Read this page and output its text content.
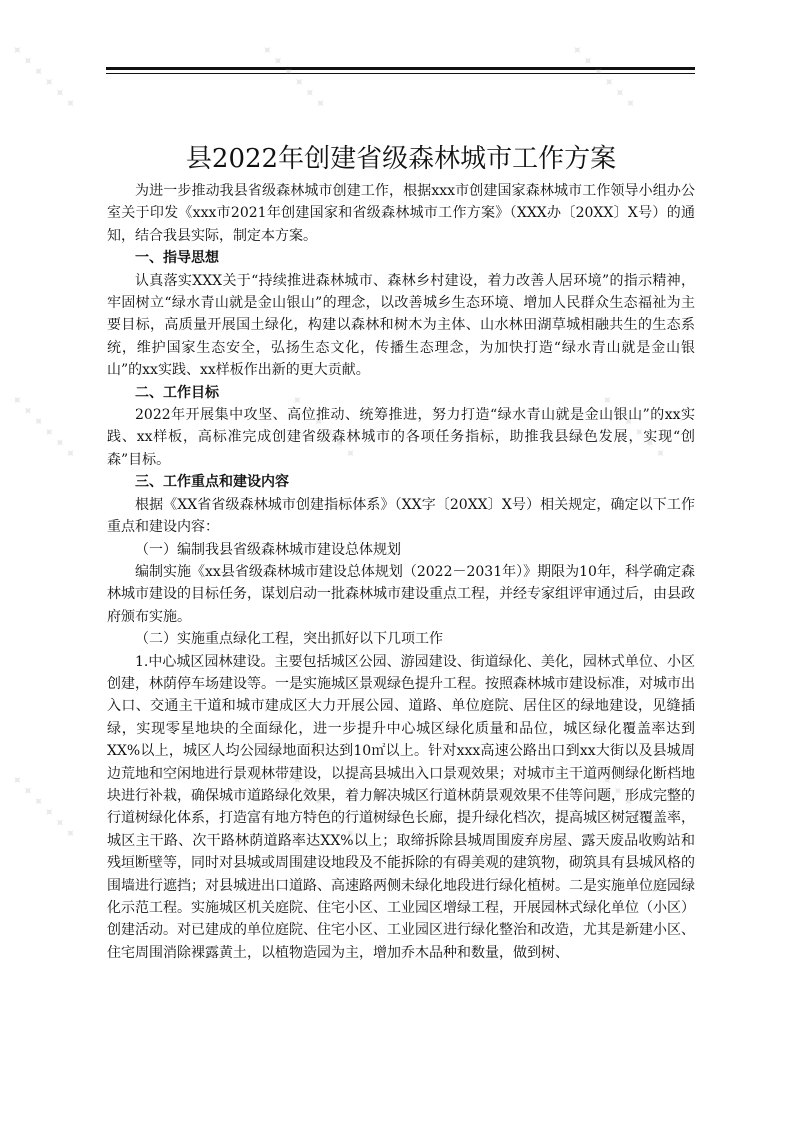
县2022年创建省级森林城市工作方案

为进一步推动我县省级森林城市创建工作，根据xxx市创建国家森林城市工作领导小组办公室关于印发《xxx市2021年创建国家和省级森林城市工作方案》（XXX办〔20XX〕X号）的通知，结合我县实际，制定本方案。

一、指导思想

认真落实XXX关于“持续推进森林城市、森林乡村建设，着力改善人居环境”的指示精神，牢固树立“绿水青山就是金山银山”的理念，以改善城乡生态环境、增加人民群众生态福祉为主要目标，高质量开展国土绿化，构建以森林和树木为主体、山水林田湖草城相融共生的生态系统，维护国家生态安全，弘扬生态文化，传播生态理念，为加快打造“绿水青山就是金山银山”的xx实践、xx样板作出新的更大贡献。

二、工作目标

2022年开展集中攻坚、高位推动、统筹推进，努力打造“绿水青山就是金山银山”的xx实践、xx样板，高标准完成创建省级森林城市的各项任务指标，助推我县绿色发展，实现“创森”目标。

三、工作重点和建设内容

根据《XX省省级森林城市创建指标体系》（XX字〔20XX〕X号）相关规定，确定以下工作重点和建设内容：

（一）编制我县省级森林城市建设总体规划

编制实施《xx县省级森林城市建设总体规划（2022－2031年）》期限为10年，科学确定森林城市建设的目标任务，谋划启动一批森林城市建设重点工程，并经专家组评审通过后，由县政府颁布实施。

（二）实施重点绿化工程，突出抓好以下几项工作

1.中心城区园林建设。主要包括城区公园、游园建设、街道绿化、美化，园林式单位、小区创建，林荫停车场建设等。一是实施城区景观绿色提升工程。按照森林城市建设标准，对城市出入口、交通主干道和城市建成区大力开展公园、道路、单位庭院、居住区的绿地建设，见缝插绿，实现零星地块的全面绿化，进一步提升中心城区绿化质量和品位，城区绿化覆盖率达到XX%以上，城区人均公园绿地面积达到10㎡以上。针对xxx高速公路出口到xx大街以及县城周边荒地和空闲地进行景观林带建设，以提高县城出入口景观效果；对城市主干道两侧绿化断档地块进行补栽，确保城市道路绿化效果，着力解决城区行道林荫景观效果不佳等问题，形成完整的行道树绿化体系，打造富有地方特色的行道树绿色长廊，提升绿化档次，提高城区树冠覆盖率，城区主干路、次干路林荫道路率达XX%以上；取缔拆除县城周围废弃房屋、露天废品收购站和残垣断壁等，同时对县城或周围建设地段及不能拆除的有碍美观的建筑物，砌筑具有县城风格的围墙进行遮挡；对县城进出口道路、高速路两侧未绿化地段进行绿化植树。二是实施单位庭园绿化示范工程。实施城区机关庭院、住宅小区、工业园区增绿工程，开展园林式绿化单位（小区）创建活动。对已建成的单位庭院、住宅小区、工业园区进行绿化整治和改造，尤其是新建小区、住宅周围消除裸露黄土，以植物造园为主，增加乔木品种和数量，做到树、

✦ ✦ ✦ ✦ ✦ ✦	✦ ✦ ✦ ✦ ✦ ✦	✦ ✦ ✦ ✦ ✦ ✦
✦ ✦ ✦ ✦ ✦ ✦	✦ ✦ ✦ ✦ ✦ ✦	✦ ✦ ✦ ✦ ✦ ✦
✦ ✦ ✦ ✦ ✦ ✦	✦ ✦ ✦ ✦ ✦ ✦	✦ ✦ ✦ ✦ ✦ ✦
